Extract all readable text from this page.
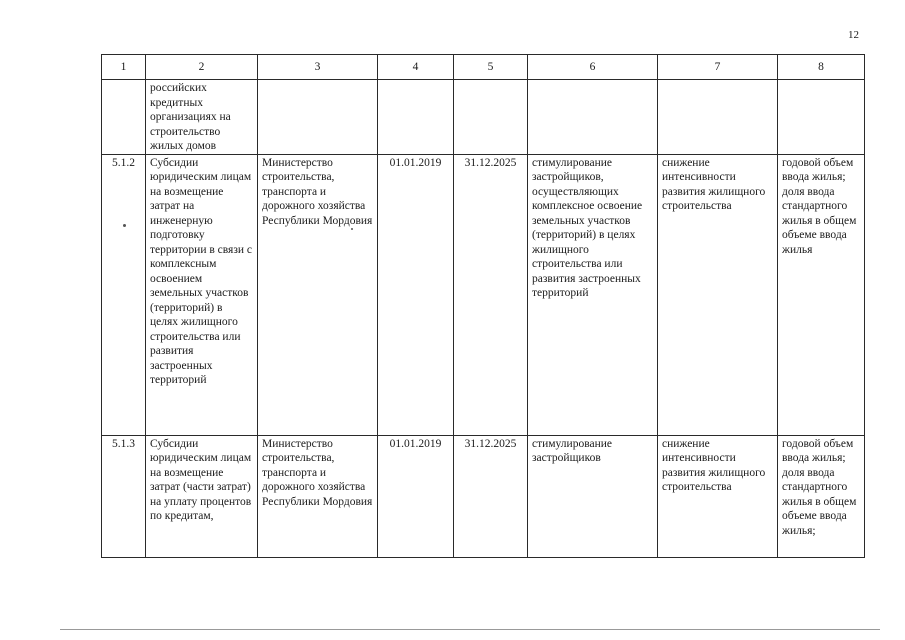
12
1	2	3	4	5	6	7	8
	российских кредитных организациях на строительство жилых домов						
5.1.2	Субсидии юридическим лицам на возмещение затрат на инженерную подготовку территории в связи с комплексным освоением земельных участков (территорий) в целях жилищного строительства или развития застроенных территорий	Министерство строительства, транспорта и дорожного хозяйства Республики Мордовия	01.01.2019	31.12.2025	стимулирование застройщиков, осуществляющих комплексное освоение земельных участков (территорий) в целях жилищного строительства или развития застроенных территорий	снижение интенсивности развития жилищного строительства	годовой объем ввода жилья; доля ввода стандартного жилья в общем объеме ввода жилья
5.1.3	Субсидии юридическим лицам на возмещение затрат (части затрат) на уплату процентов по кредитам,	Министерство строительства, транспорта и дорожного хозяйства Республики Мордовия	01.01.2019	31.12.2025	стимулирование застройщиков	снижение интенсивности развития жилищного строительства	годовой объем ввода жилья; доля ввода стандартного жилья в общем объеме ввода жилья;
